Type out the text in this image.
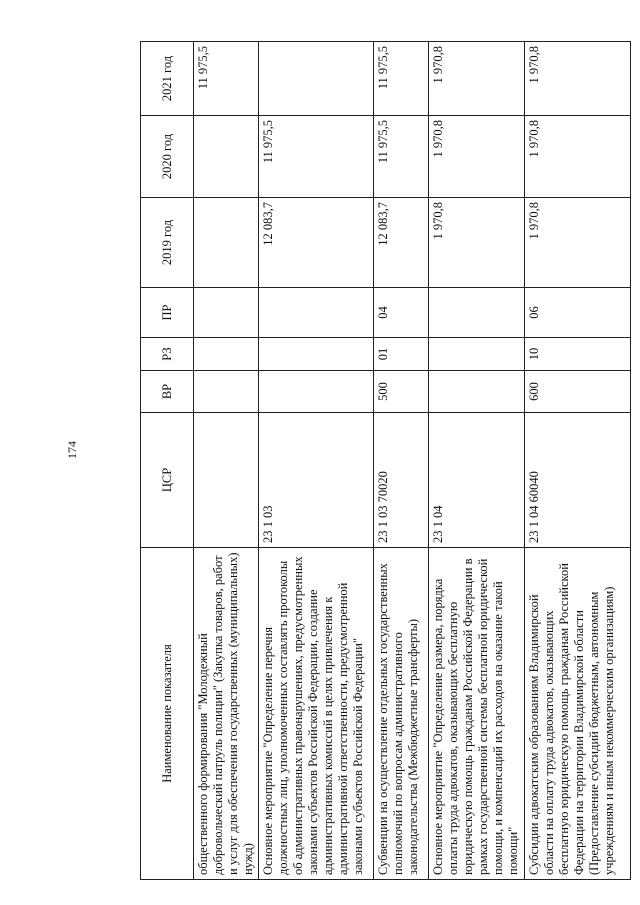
174
Наименование показателя	ЦСР	ВР	РЗ	ПР	2019 год	2020 год	2021 год
общественного формирования "Молодежный добровольческий патруль полиции" (Закупка товаров, работ и услуг для обеспечения государственных (муниципальных) нужд)							11 975,5
Основное мероприятие "Определение перечня должностных лиц, уполномоченных составлять протоколы об административных правонарушениях, предусмотренных законами субъектов Российской Федерации, создание административных комиссий в целях привлечения к административной ответственности, предусмотренной законами субъектов Российской Федерации"	23 1 03				12 083,7	11 975,5	
Субвенции на осуществление отдельных государственных полномочий по вопросам административного законодательства (Межбюджетные трансферты)	23 1 03 70020	500	01	04	12 083,7	11 975,5	11 975,5
Основное мероприятие "Определение размера, порядка оплаты труда адвокатов, оказывающих бесплатную юридическую помощь гражданам Российской Федерации в рамках государственной системы бесплатной юридической помощи, и компенсаций их расходов на оказание такой помощи"	23 1 04				1 970,8	1 970,8	1 970,8
Субсидии адвокатским образованиям Владимирской области на оплату труда адвокатов, оказывающих бесплатную юридическую помощь гражданам Российской Федерации на территории Владимирской области (Предоставление субсидий бюджетным, автономным учреждениям и иным некоммерческим организациям)	23 1 04 60040	600	10	06	1 970,8	1 970,8	1 970,8
